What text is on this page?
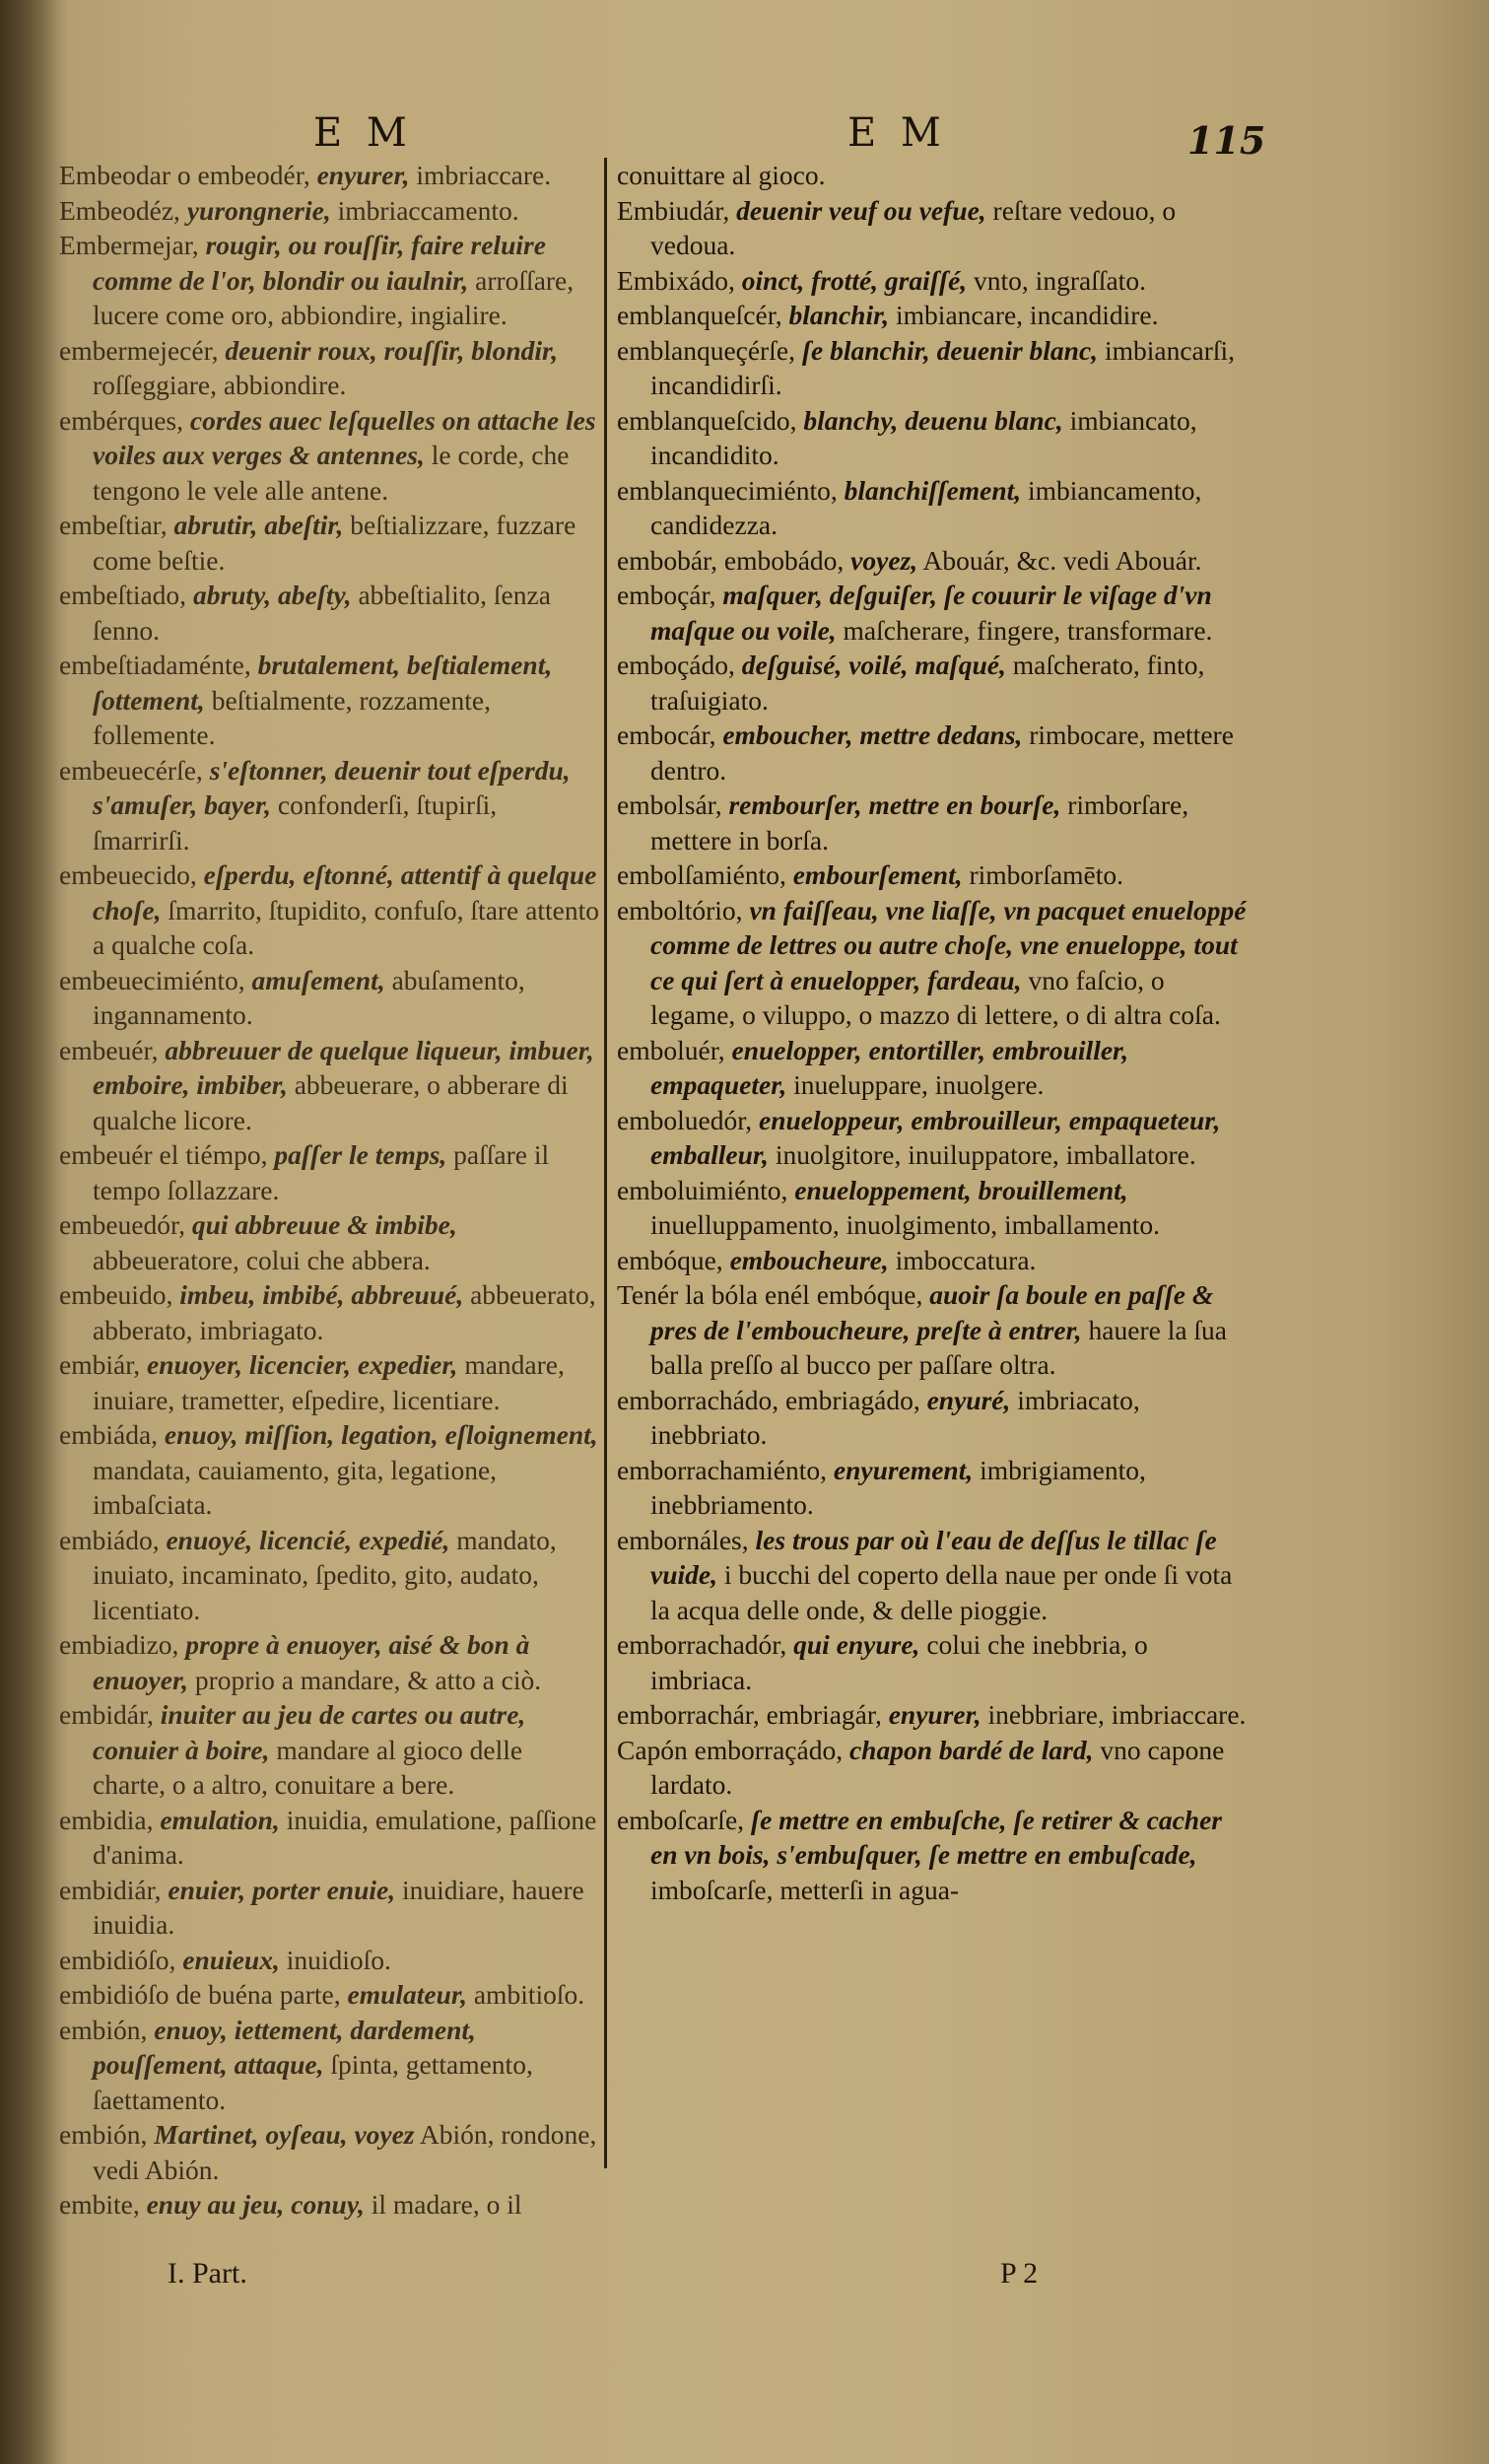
E M	E M	115

Embeodar o embeodér, enyurer, imbriaccare.

Embeodéz, yurongnerie, imbriaccamento.

Embermejar, rougir, ou rouſſir, faire reluire comme de l'or, blondir ou iaulnir, arroſſare, lucere come oro, abbiondire, ingialire.

embermejecér, deuenir roux, rouſſir, blondir, roſſeggiare, abbiondire.

embérques, cordes auec leſquelles on attache les voiles aux verges & antennes, le corde, che tengono le vele alle antene.

embeſtiar, abrutir, abeſtir, beſtializzare, fuzzare come beſtie.

embeſtiado, abruty, abeſty, abbeſtialito, ſenza ſenno.

embeſtiadaménte, brutalement, beſtialement, ſottement, beſtialmente, rozzamente, follemente.

embeuecérſe, s'eſtonner, deuenir tout eſperdu, s'amuſer, bayer, confonderſi, ſtupirſi, ſmarrirſi.

embeuecido, eſperdu, eſtonné, attentif à quelque choſe, ſmarrito, ſtupidito, confuſo, ſtare attento a qualche coſa.

embeuecimiénto, amuſement, abuſamento, ingannamento.

embeuér, abbreuuer de quelque liqueur, imbuer, emboire, imbiber, abbeuerare, o abberare di qualche licore.

embeuér el tiémpo, paſſer le temps, paſſare il tempo ſollazzare.

embeuedór, qui abbreuue & imbibe, abbeueratore, colui che abbera.

embeuido, imbeu, imbibé, abbreuué, abbeuerato, abberato, imbriagato.

embiár, enuoyer, licencier, expedier, mandare, inuiare, trametter, eſpedire, licentiare.

embiáda, enuoy, miſſion, legation, eſloignement, mandata, cauiamento, gita, legatione, imbaſciata.

embiádo, enuoyé, licencié, expedié, mandato, inuiato, incaminato, ſpedito, gito, audato, licentiato.

embiadizo, propre à enuoyer, aisé & bon à enuoyer, proprio a mandare, & atto a ciò.

embidár, inuiter au jeu de cartes ou autre, conuier à boire, mandare al gioco delle charte, o a altro, conuitare a bere.

embidia, emulation, inuidia, emulatione, paſſione d'anima.

embidiár, enuier, porter enuie, inuidiare, hauere inuidia.

embidióſo, enuieux, inuidioſo.

embidióſo de buéna parte, emulateur, ambitioſo.

embión, enuoy, iettement, dardement, pouſſement, attaque, ſpinta, gettamento, ſaettamento.

embión, Martinet, oyſeau, voyez Abión, rondone, vedi Abión.

embite, enuy au jeu, conuy, il madare, o il

conuittare al gioco.

Embiudár, deuenir veuf ou vefue, reſtare vedouo, o vedoua.

Embixádo, oinct, frotté, graiſſé, vnto, ingraſſato.

emblanqueſcér, blanchir, imbiancare, incandidire.

emblanqueçérſe, ſe blanchir, deuenir blanc, imbiancarſi, incandidirſi.

emblanqueſcido, blanchy, deuenu blanc, imbiancato, incandidito.

emblanquecimiénto, blanchiſſement, imbiancamento, candidezza.

embobár, embobádo, voyez, Abouár, &c. vedi Abouár.

emboçár, maſquer, deſguiſer, ſe couurir le viſage d'vn maſque ou voile, maſcherare, fingere, transformare.

emboçádo, deſguisé, voilé, maſqué, maſcherato, finto, traſuigiato.

embocár, emboucher, mettre dedans, rimbocare, mettere dentro.

embolsár, rembourſer, mettre en bourſe, rimborſare, mettere in borſa.

embolſamiénto, embourſement, rimborſamēto.

emboltório, vn faiſſeau, vne liaſſe, vn pacquet enueloppé comme de lettres ou autre choſe, vne enueloppe, tout ce qui ſert à enuelopper, fardeau, vno faſcio, o legame, o viluppo, o mazzo di lettere, o di altra coſa.

emboluér, enuelopper, entortiller, embrouiller, empaqueter, inueluppare, inuolgere.

emboluedór, enueloppeur, embrouilleur, empaqueteur, emballeur, inuolgitore, inuiluppatore, imballatore.

emboluimiénto, enueloppement, brouillement, inuelluppamento, inuolgimento, imballamento.

embóque, emboucheure, imboccatura.

Tenér la bóla enél embóque, auoir ſa boule en paſſe & pres de l'emboucheure, preſte à entrer, hauere la ſua balla preſſo al bucco per paſſare oltra.

emborrachádo, embriagádo, enyuré, imbriacato, inebbriato.

emborrachamiénto, enyurement, imbrigiamento, inebbriamento.

embornáles, les trous par où l'eau de deſſus le tillac ſe vuide, i bucchi del coperto della naue per onde ſi vota la acqua delle onde, & delle pioggie.

emborrachadór, qui enyure, colui che inebbria, o imbriaca.

emborrachár, embriagár, enyurer, inebbriare, imbriaccare.

Capón emborraçádo, chapon bardé de lard, vno capone lardato.

emboſcarſe, ſe mettre en embuſche, ſe retirer & cacher en vn bois, s'embuſquer, ſe mettre en embuſcade, imboſcarſe, metterſi in agua-

I. Part.	P 2
